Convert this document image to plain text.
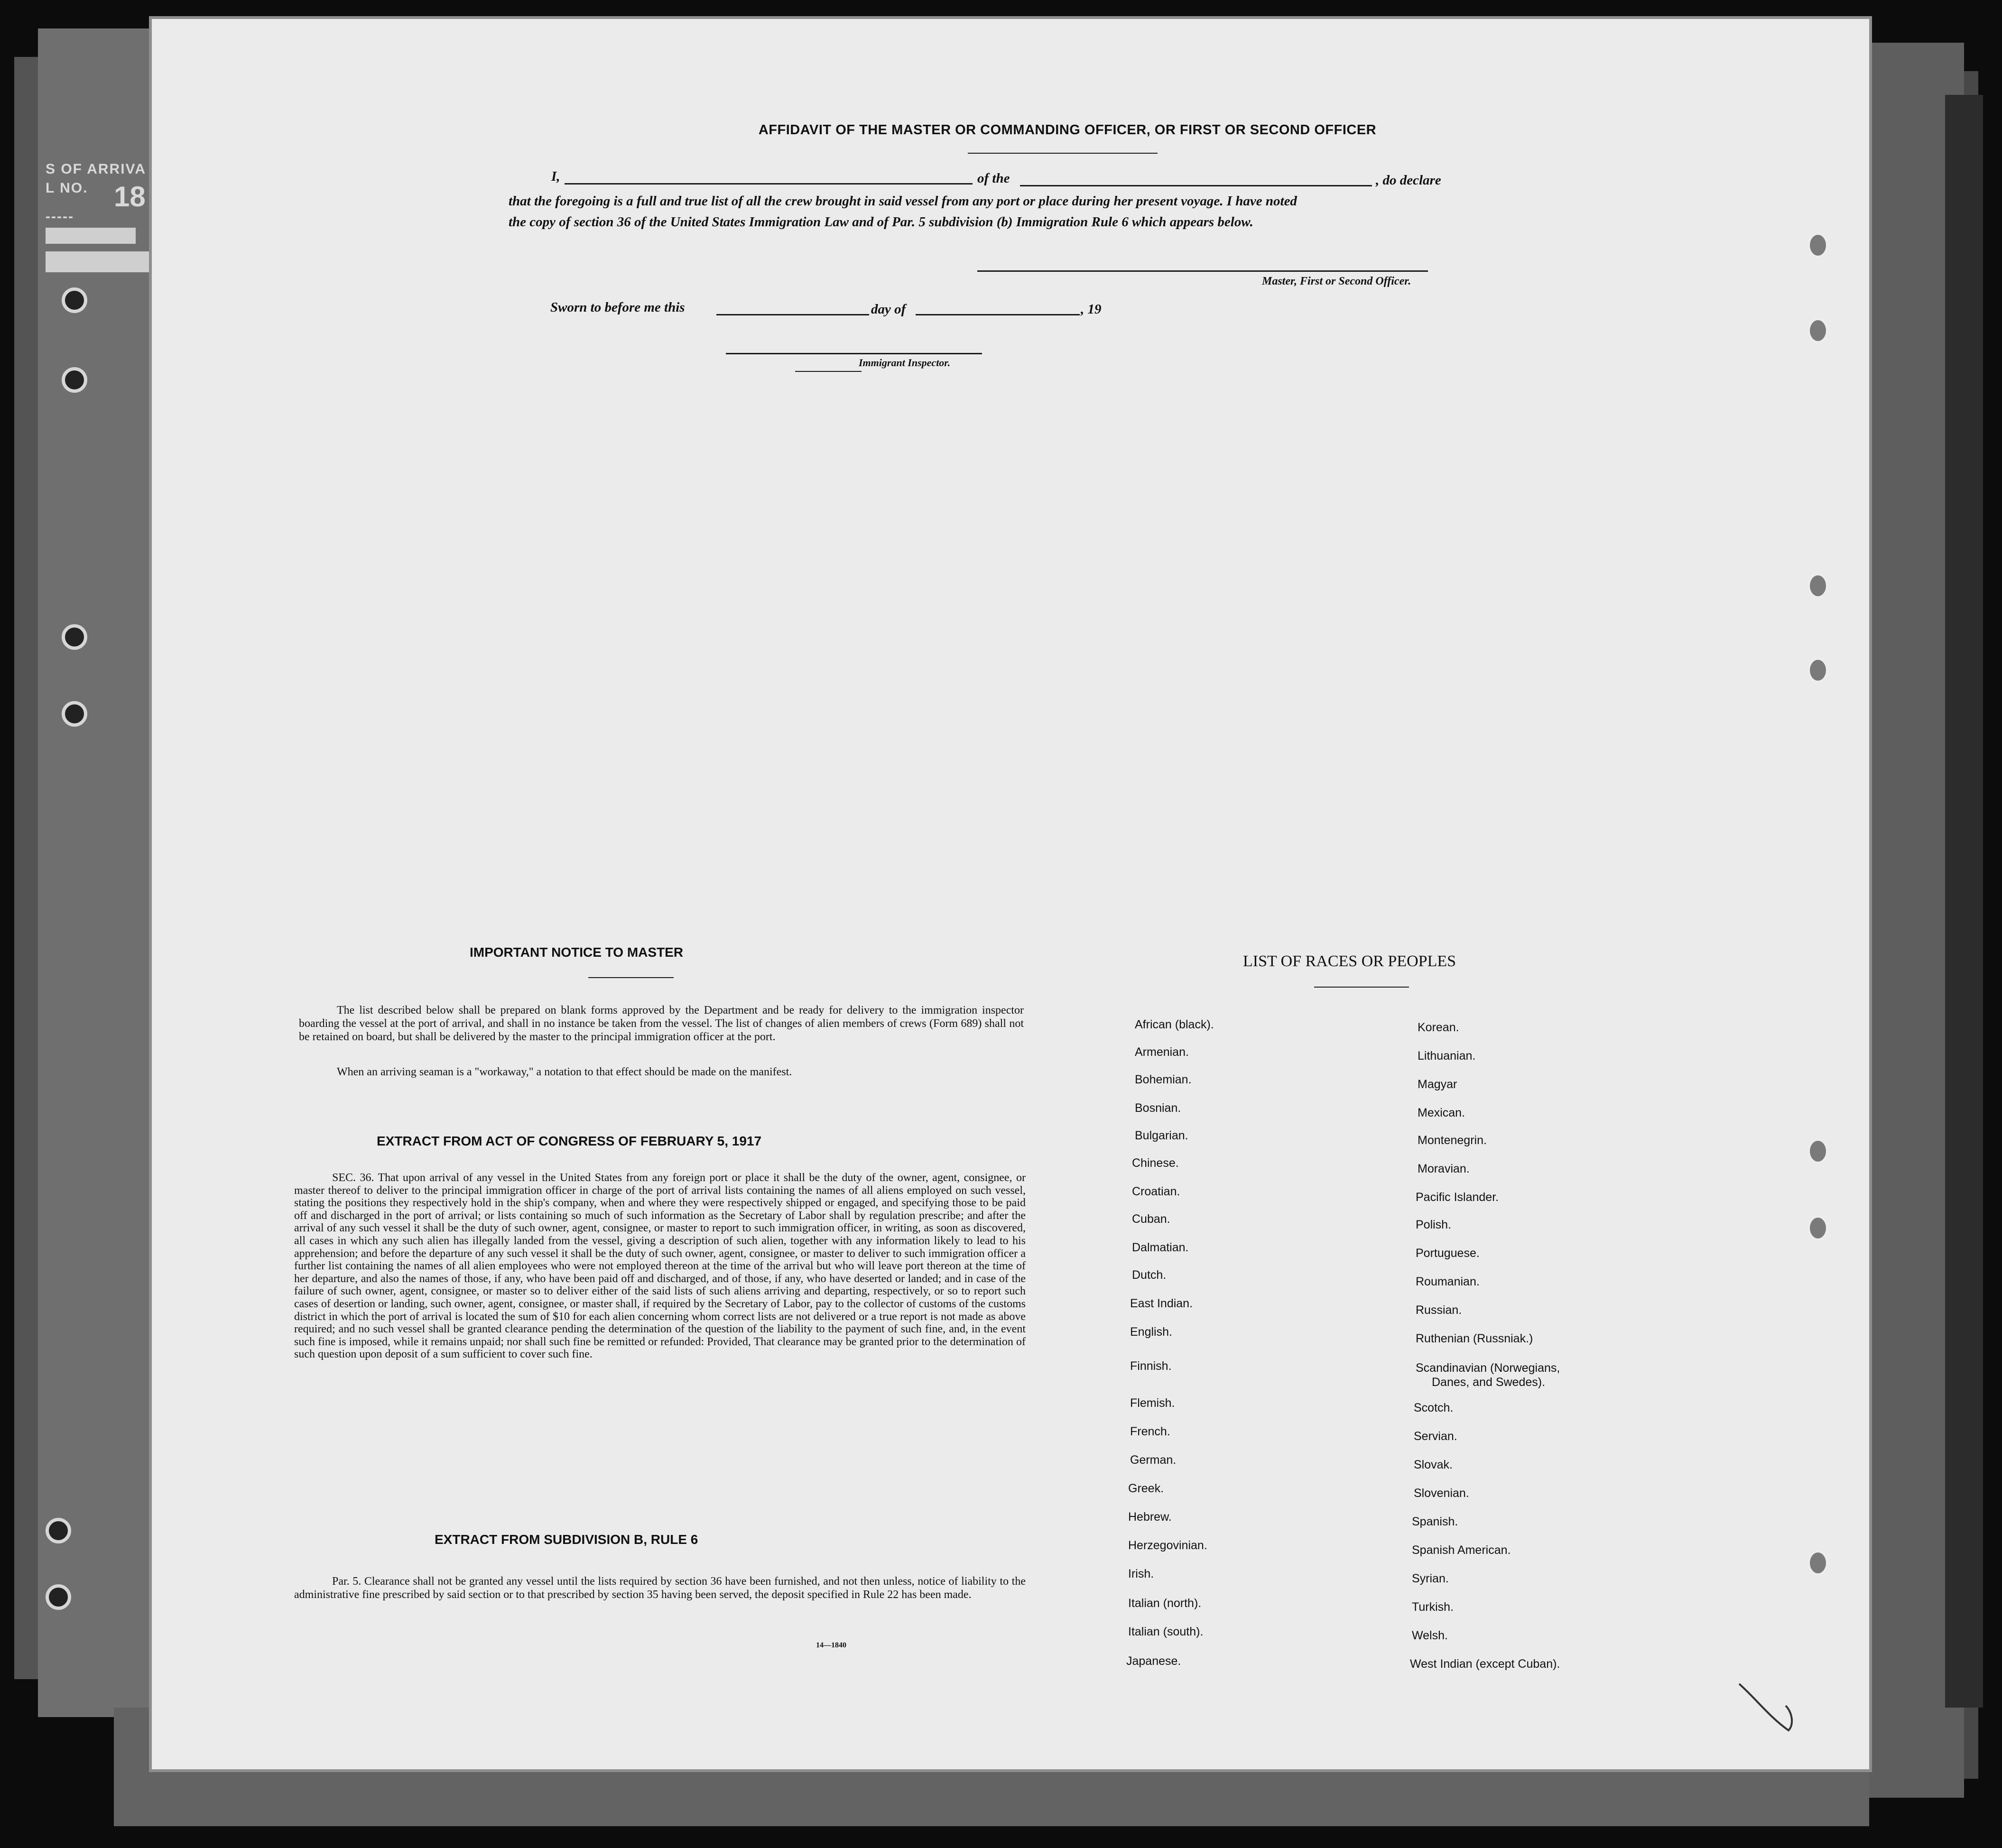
S OF ARRIVA
L NO. 18
-----
AFFIDAVIT OF THE MASTER OR COMMANDING OFFICER, OR FIRST OR SECOND OFFICER
I,	of the	, do declare
that the foregoing is a full and true list of all the crew brought in said vessel from any port or place during her present voyage. I have noted
the copy of section 36 of the United States Immigration Law and of Par. 5 subdivision (b) Immigration Rule 6 which appears below.
Master, First or Second Officer.
Sworn to before me this	day of	, 19
Immigrant Inspector.
IMPORTANT NOTICE TO MASTER
The list described below shall be prepared on blank forms approved by the Department and be ready for delivery to the immigration inspector boarding the vessel at the port of arrival, and shall in no instance be taken from the vessel. The list of changes of alien members of crews (Form 689) shall not be retained on board, but shall be delivered by the master to the principal immigration officer at the port.
When an arriving seaman is a "workaway," a notation to that effect should be made on the manifest.
EXTRACT FROM ACT OF CONGRESS OF FEBRUARY 5, 1917
SEC. 36. That upon arrival of any vessel in the United States from any foreign port or place it shall be the duty of the owner, agent, consignee, or master thereof to deliver to the principal immigration officer in charge of the port of arrival lists containing the names of all aliens employed on such vessel, stating the positions they respectively hold in the ship's company, when and where they were respectively shipped or engaged, and specifying those to be paid off and discharged in the port of arrival; or lists containing so much of such information as the Secretary of Labor shall by regulation prescribe; and after the arrival of any such vessel it shall be the duty of such owner, agent, consignee, or master to report to such immigration officer, in writing, as soon as discovered, all cases in which any such alien has illegally landed from the vessel, giving a description of such alien, together with any information likely to lead to his apprehension; and before the departure of any such vessel it shall be the duty of such owner, agent, consignee, or master to deliver to such immigration officer a further list containing the names of all alien employees who were not employed thereon at the time of the arrival but who will leave port thereon at the time of her departure, and also the names of those, if any, who have been paid off and discharged, and of those, if any, who have deserted or landed; and in case of the failure of such owner, agent, consignee, or master so to deliver either of the said lists of such aliens arriving and departing, respectively, or so to report such cases of desertion or landing, such owner, agent, consignee, or master shall, if required by the Secretary of Labor, pay to the collector of customs of the customs district in which the port of arrival is located the sum of $10 for each alien concerning whom correct lists are not delivered or a true report is not made as above required; and no such vessel shall be granted clearance pending the determination of the question of the liability to the payment of such fine, and, in the event such fine is imposed, while it remains unpaid; nor shall such fine be remitted or refunded: Provided, That clearance may be granted prior to the determination of such question upon deposit of a sum sufficient to cover such fine.
EXTRACT FROM SUBDIVISION B, RULE 6
Par. 5. Clearance shall not be granted any vessel until the lists required by section 36 have been furnished, and not then unless, notice of liability to the administrative fine prescribed by said section or to that prescribed by section 35 having been served, the deposit specified in Rule 22 has been made.
14—1840
LIST OF RACES OR PEOPLES
African (black).
Armenian.
Bohemian.
Bosnian.
Bulgarian.
Chinese.
Croatian.
Cuban.
Dalmatian.
Dutch.
East Indian.
English.
Finnish.
Flemish.
French.
German.
Greek.
Hebrew.
Herzegovinian.
Irish.
Italian (north).
Italian (south).
Japanese.
Korean.
Lithuanian.
Magyar
Mexican.
Montenegrin.
Moravian.
Pacific Islander.
Polish.
Portuguese.
Roumanian.
Russian.
Ruthenian (Russniak.)
Scandinavian (Norwegians,
Danes, and Swedes).
Scotch.
Servian.
Slovak.
Slovenian.
Spanish.
Spanish American.
Syrian.
Turkish.
Welsh.
West Indian (except Cuban).
